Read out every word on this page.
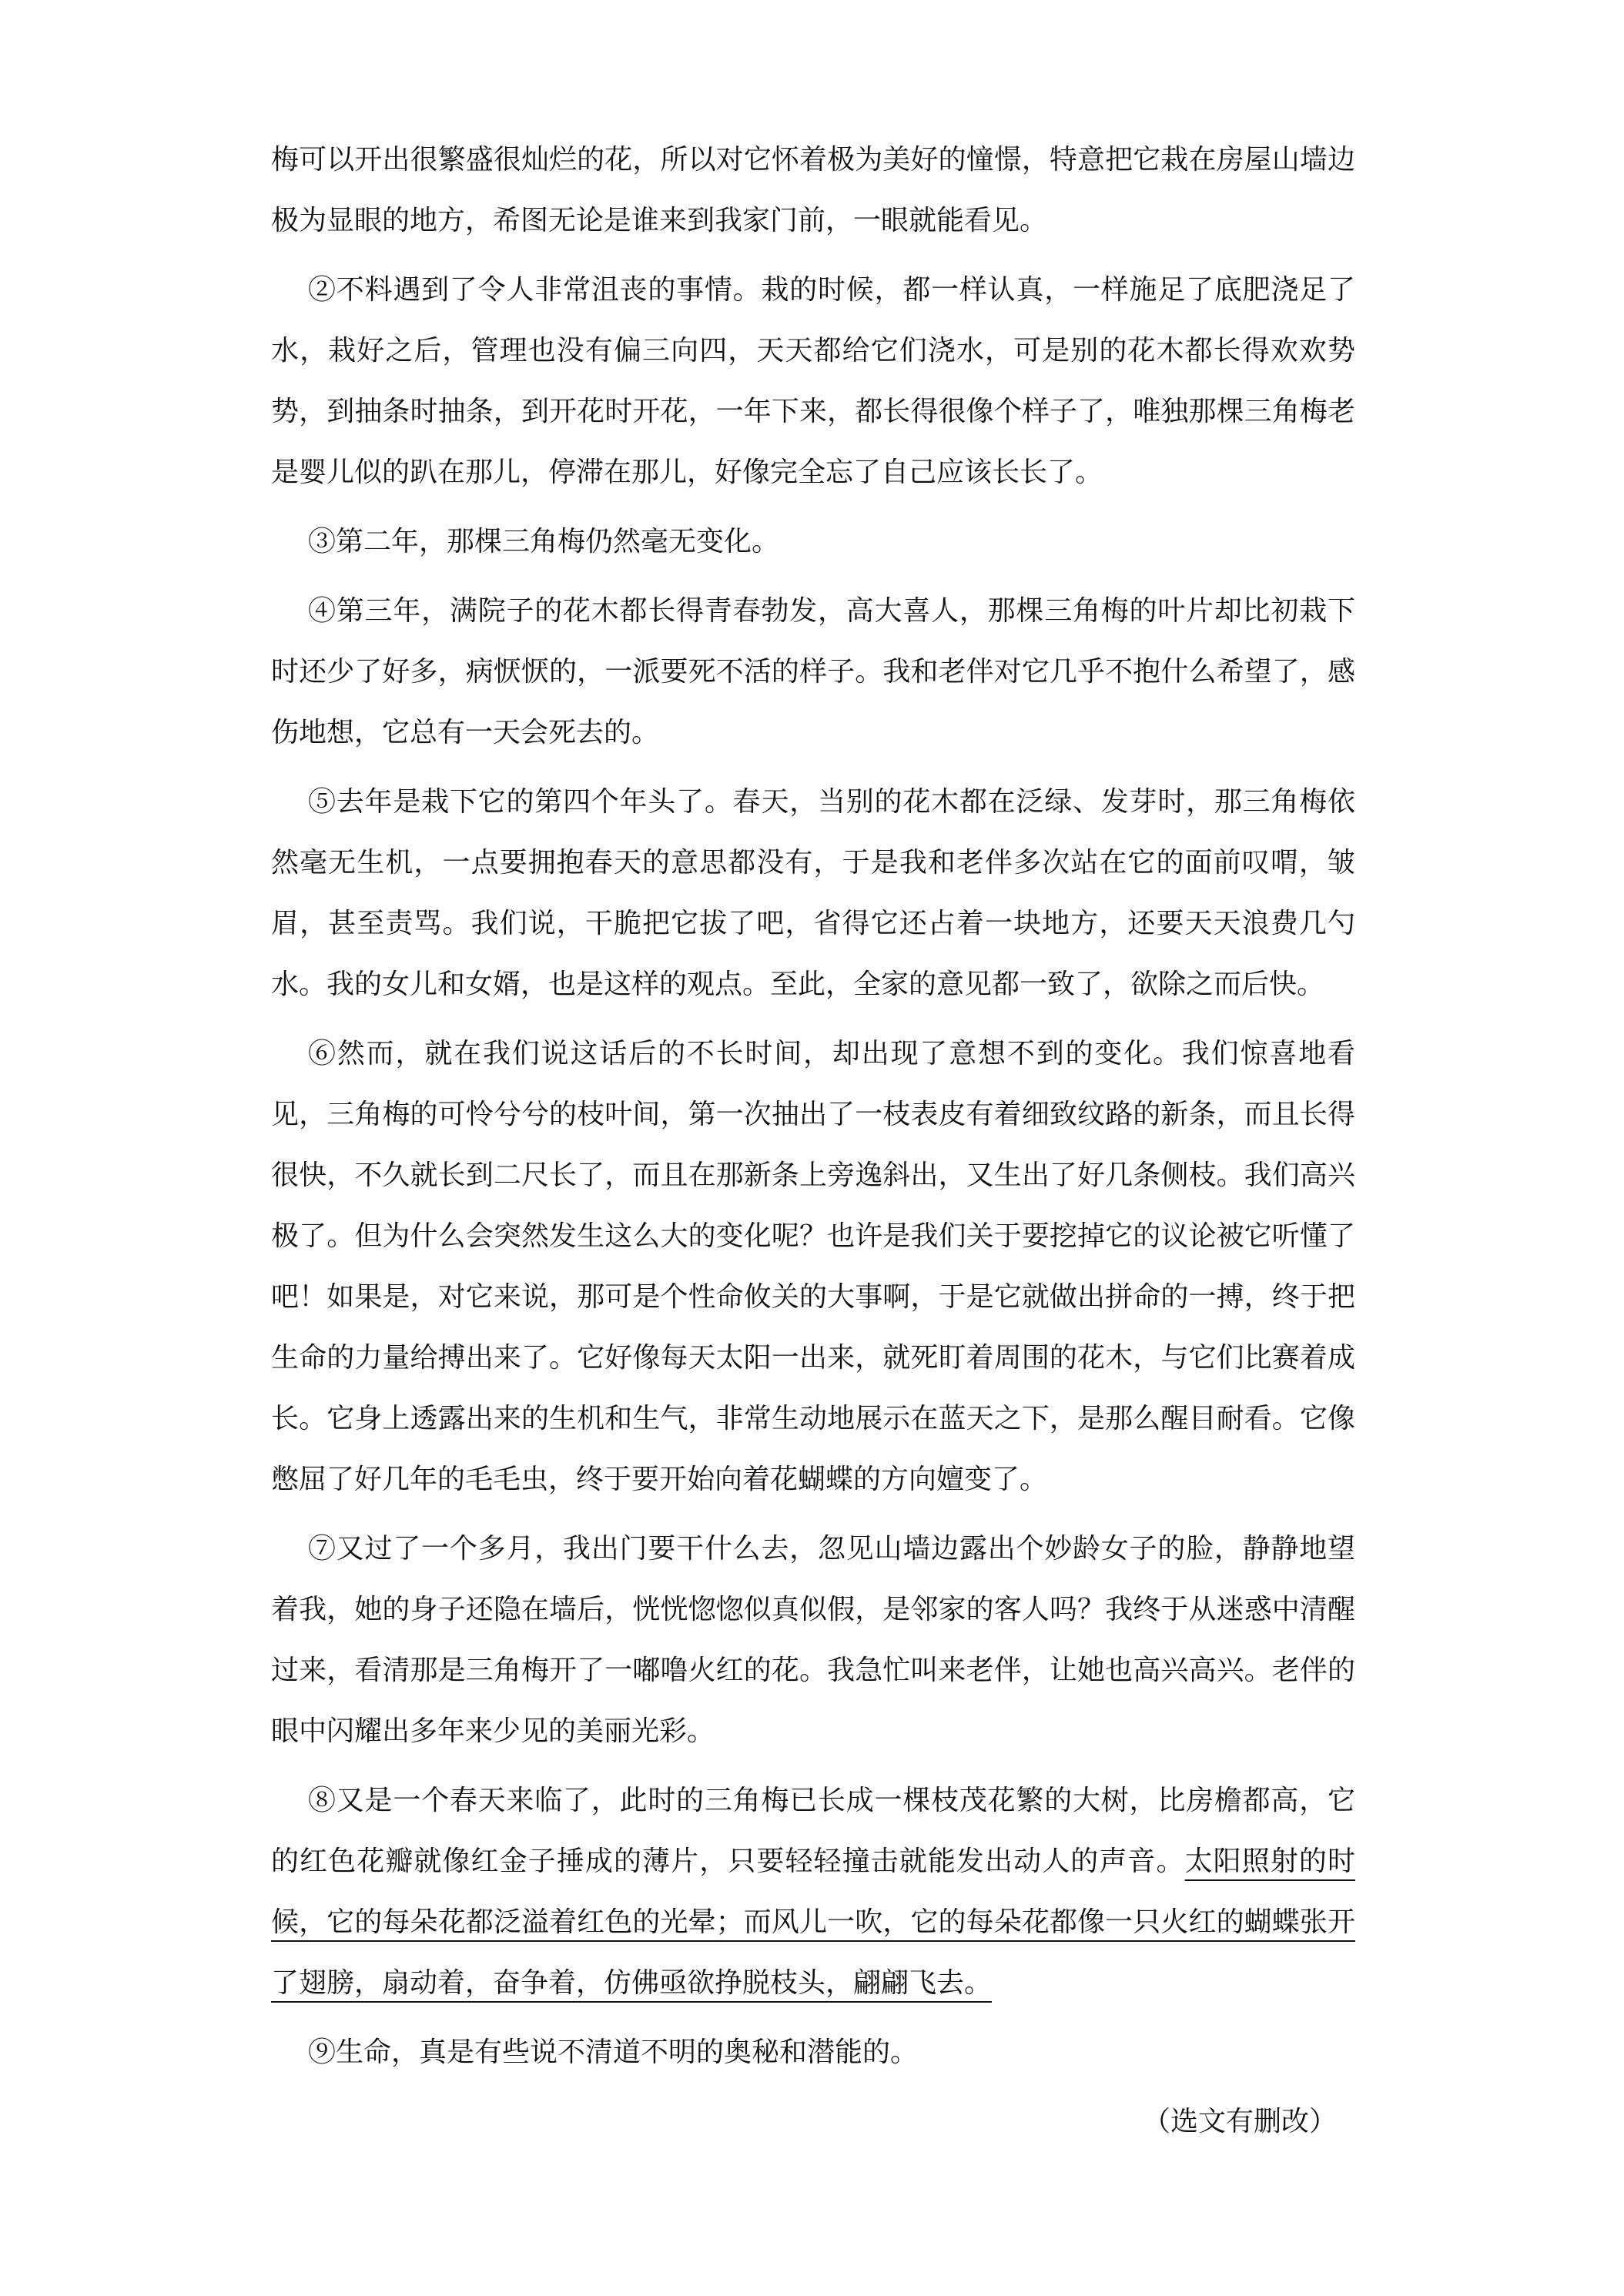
梅可以开出很繁盛很灿烂的花，所以对它怀着极为美好的憧憬，特意把它栽在房屋山墙边极为显眼的地方，希图无论是谁来到我家门前，一眼就能看见。

②不料遇到了令人非常沮丧的事情。栽的时候，都一样认真，一样施足了底肥浇足了水，栽好之后，管理也没有偏三向四，天天都给它们浇水，可是别的花木都长得欢欢势势，到抽条时抽条，到开花时开花，一年下来，都长得很像个样子了，唯独那棵三角梅老是婴儿似的趴在那儿，停滞在那儿，好像完全忘了自己应该长长了。

③第二年，那棵三角梅仍然毫无变化。

④第三年，满院子的花木都长得青春勃发，高大喜人，那棵三角梅的叶片却比初栽下时还少了好多，病恹恹的，一派要死不活的样子。我和老伴对它几乎不抱什么希望了，感伤地想，它总有一天会死去的。

⑤去年是栽下它的第四个年头了。春天，当别的花木都在泛绿、发芽时，那三角梅依然毫无生机，一点要拥抱春天的意思都没有，于是我和老伴多次站在它的面前叹喟，皱眉，甚至责骂。我们说，干脆把它拔了吧，省得它还占着一块地方，还要天天浪费几勺水。我的女儿和女婿，也是这样的观点。至此，全家的意见都一致了，欲除之而后快。

⑥然而，就在我们说这话后的不长时间，却出现了意想不到的变化。我们惊喜地看见，三角梅的可怜兮兮的枝叶间，第一次抽出了一枝表皮有着细致纹路的新条，而且长得很快，不久就长到二尺长了，而且在那新条上旁逸斜出，又生出了好几条侧枝。我们高兴极了。但为什么会突然发生这么大的变化呢？也许是我们关于要挖掉它的议论被它听懂了吧！如果是，对它来说，那可是个性命攸关的大事啊，于是它就做出拼命的一搏，终于把生命的力量给搏出来了。它好像每天太阳一出来，就死盯着周围的花木，与它们比赛着成长。它身上透露出来的生机和生气，非常生动地展示在蓝天之下，是那么醒目耐看。它像憋屈了好几年的毛毛虫，终于要开始向着花蝴蝶的方向嬗变了。

⑦又过了一个多月，我出门要干什么去，忽见山墙边露出个妙龄女子的脸，静静地望着我，她的身子还隐在墙后，恍恍惚惚似真似假，是邻家的客人吗？我终于从迷惑中清醒过来，看清那是三角梅开了一嘟噜火红的花。我急忙叫来老伴，让她也高兴高兴。老伴的眼中闪耀出多年来少见的美丽光彩。

⑧又是一个春天来临了，此时的三角梅已长成一棵枝茂花繁的大树，比房檐都高，它的红色花瓣就像红金子捶成的薄片，只要轻轻撞击就能发出动人的声音。太阳照射的时候，它的每朵花都泛溢着红色的光晕；而风儿一吹，它的每朵花都像一只火红的蝴蝶张开了翅膀，扇动着，奋争着，仿佛亟欲挣脱枝头，翩翩飞去。

⑨生命，真是有些说不清道不明的奥秘和潜能的。

（选文有删改）
